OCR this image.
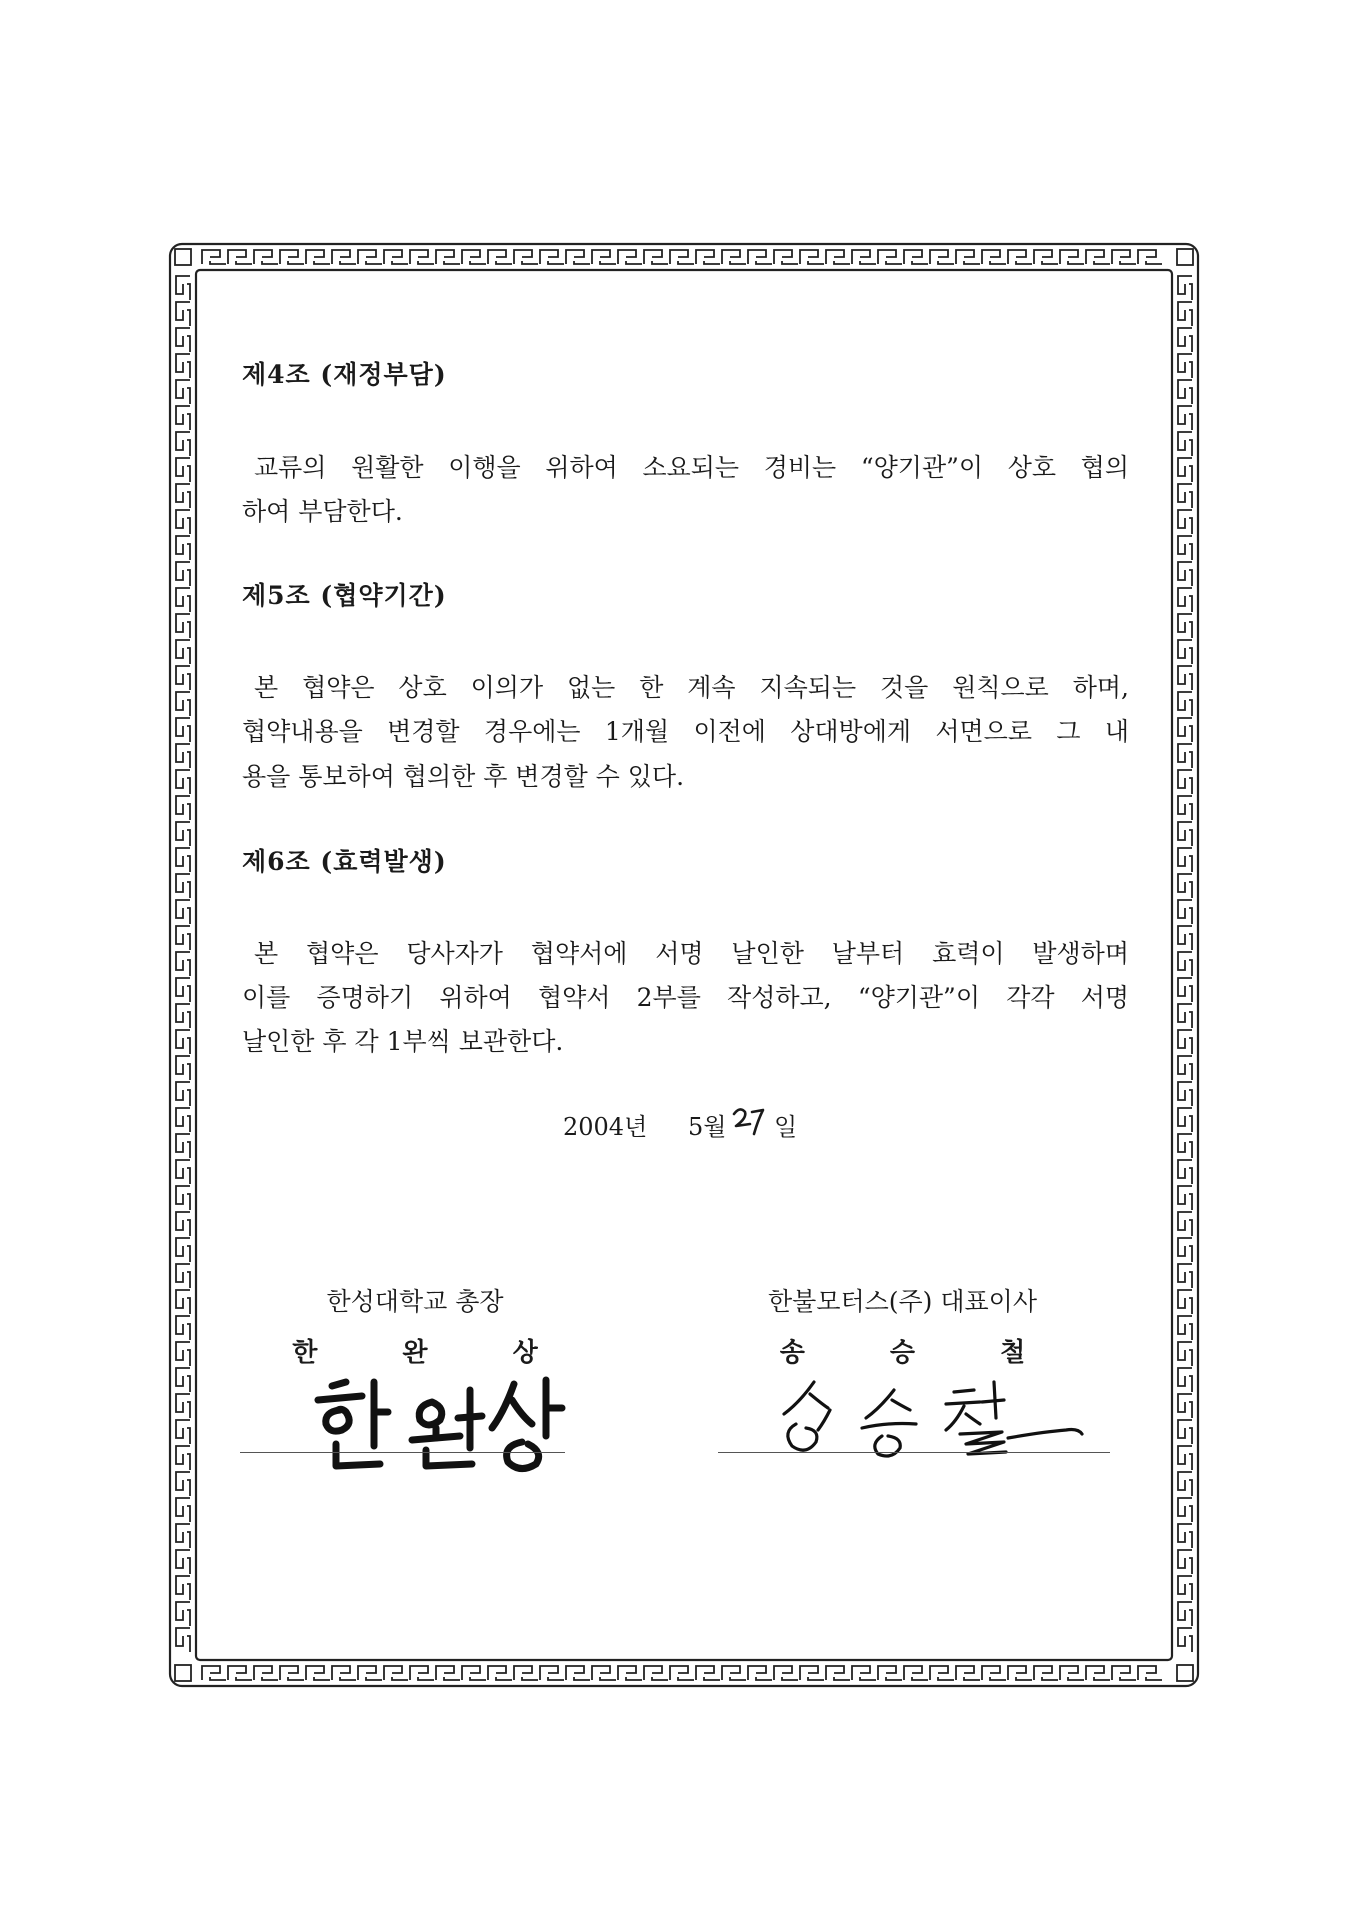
제4조 (재정부담)
교류의 원활한 이행을 위하여 소요되는 경비는 “양기관”이 상호 협의
하여 부담한다.
제5조 (협약기간)
본 협약은 상호 이의가 없는 한 계속 지속되는 것을 원칙으로 하며,
협약내용을 변경할 경우에는 1개월 이전에 상대방에게 서면으로 그 내
용을 통보하여 협의한 후 변경할 수 있다.
제6조 (효력발생)
본 협약은 당사자가 협약서에 서명 날인한 날부터 효력이 발생하며
이를 증명하기 위하여 협약서 2부를 작성하고, “양기관”이 각각 서명
날인한 후 각 1부씩 보관한다.
2004년 5월 일
한성대학교 총장
한 완 상
한불모터스(주) 대표이사
송 승 철
